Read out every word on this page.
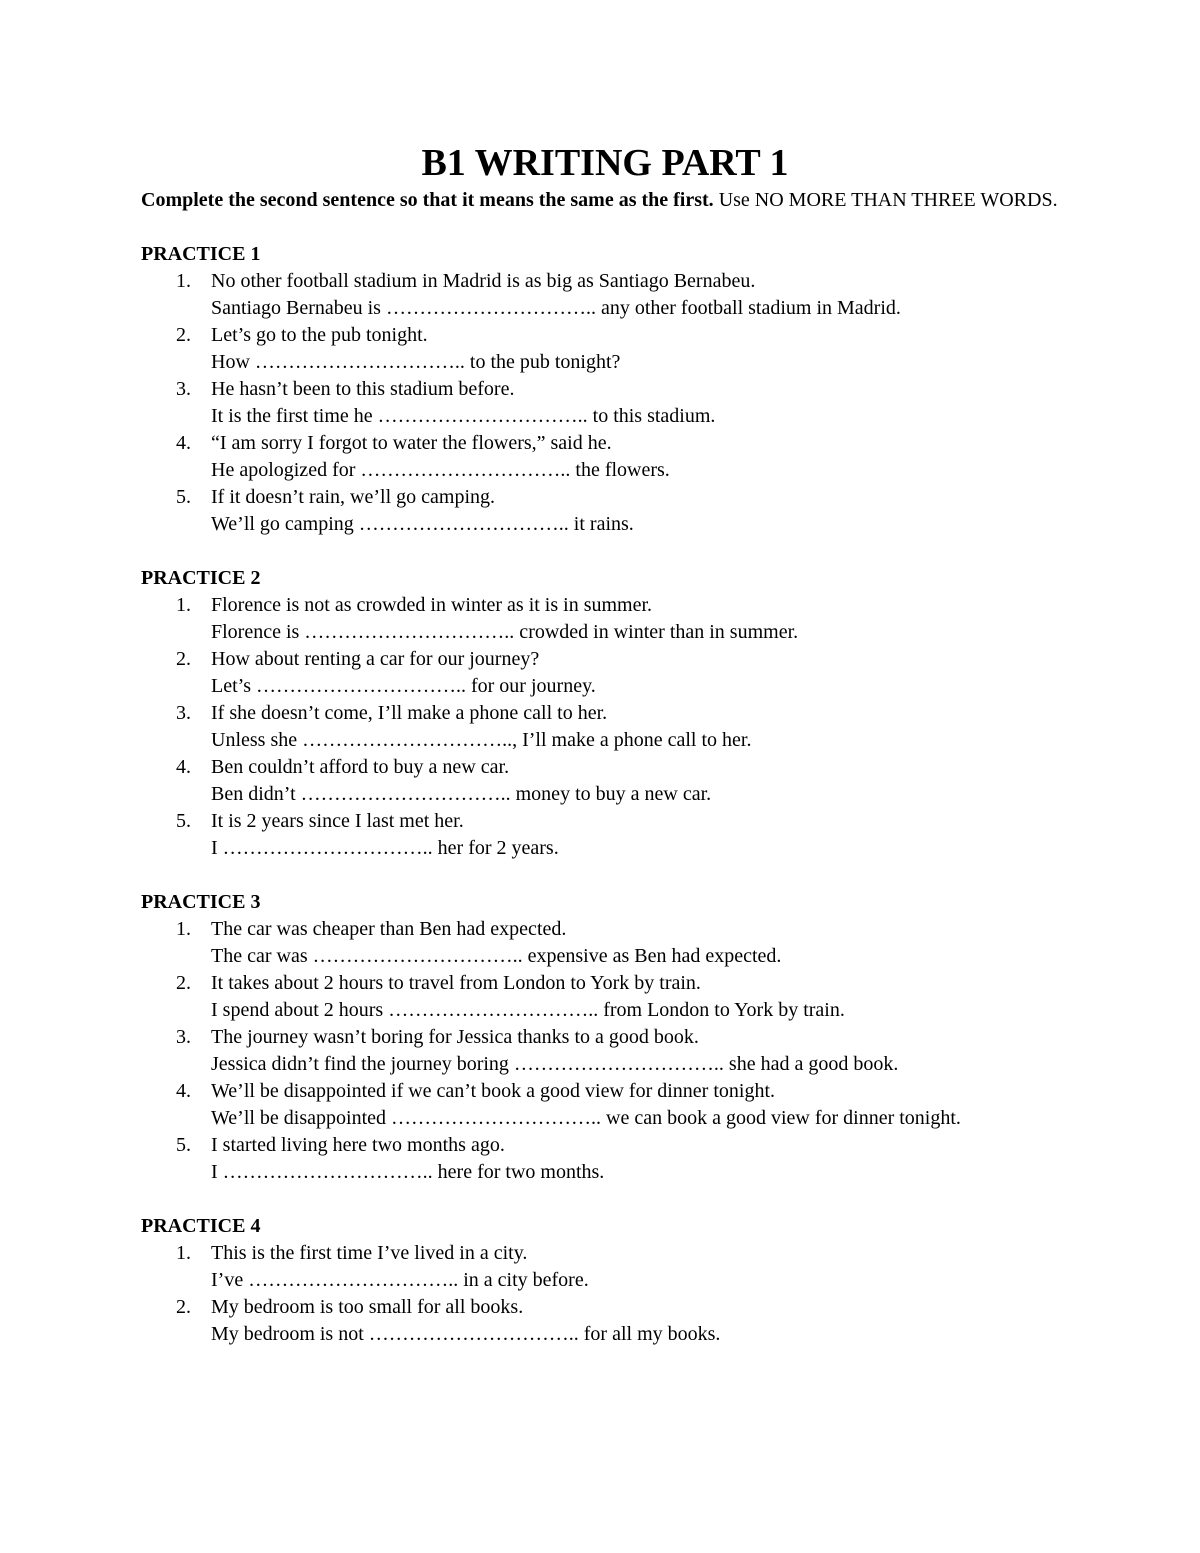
B1 WRITING PART 1

Complete the second sentence so that it means the same as the first. Use NO MORE THAN THREE WORDS.

PRACTICE 1

1. No other football stadium in Madrid is as big as Santiago Bernabeu.
Santiago Bernabeu is ………………………….. any other football stadium in Madrid.
2. Let’s go to the pub tonight.
How ………………………….. to the pub tonight?
3. He hasn’t been to this stadium before.
It is the first time he ………………………….. to this stadium.
4. “I am sorry I forgot to water the flowers,” said he.
He apologized for ………………………….. the flowers.
5. If it doesn’t rain, we’ll go camping.
We’ll go camping ………………………….. it rains.

PRACTICE 2

1. Florence is not as crowded in winter as it is in summer.
Florence is ………………………….. crowded in winter than in summer.
2. How about renting a car for our journey?
Let’s ………………………….. for our journey.
3. If she doesn’t come, I’ll make a phone call to her.
Unless she ………………………….., I’ll make a phone call to her.
4. Ben couldn’t afford to buy a new car.
Ben didn’t ………………………….. money to buy a new car.
5. It is 2 years since I last met her.
I ………………………….. her for 2 years.

PRACTICE 3

1. The car was cheaper than Ben had expected.
The car was ………………………….. expensive as Ben had expected.
2. It takes about 2 hours to travel from London to York by train.
I spend about 2 hours ………………………….. from London to York by train.
3. The journey wasn’t boring for Jessica thanks to a good book.
Jessica didn’t find the journey boring ………………………….. she had a good book.
4. We’ll be disappointed if we can’t book a good view for dinner tonight.
We’ll be disappointed ………………………….. we can book a good view for dinner tonight.
5. I started living here two months ago.
I ………………………….. here for two months.

PRACTICE 4

1. This is the first time I’ve lived in a city.
I’ve ………………………….. in a city before.
2. My bedroom is too small for all books.
My bedroom is not ………………………….. for all my books.
